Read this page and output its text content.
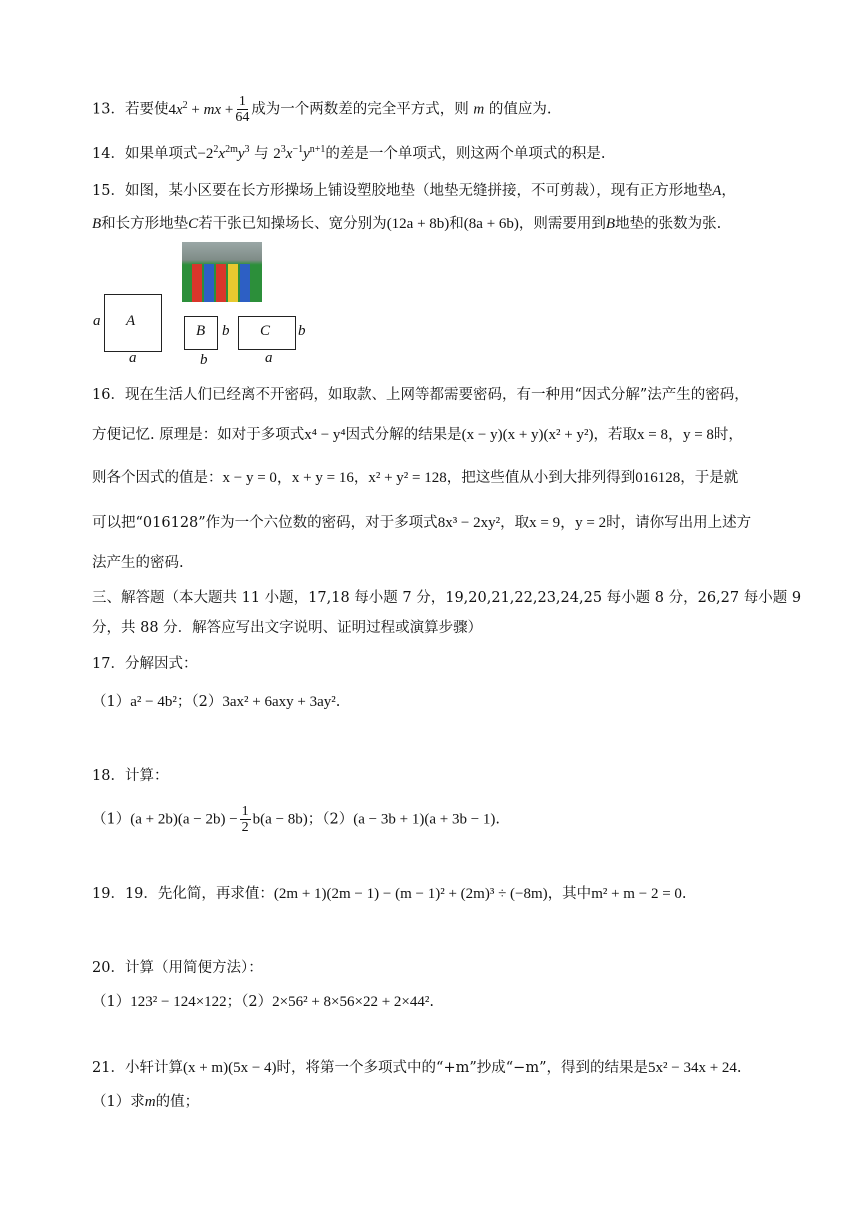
13．若要使$4x^2$ + mx + $\frac{1}{64}$ 成为一个两数差的完全平方式，则 m 的值应为.
14．如果单项式$-2^2x^{2m}y^3$ 与 $2^3x^{-1}y^{n+1}$的差是一个单项式，则这两个单项式的积是.
15．如图，某小区要在长方形操场上铺设塑胶地垫（地垫无缝拼接，不可剪裁），现有正方形地垫A，
B和长方形地垫C若干张已知操场长、宽分别为(12a + 8b)和(8a + 6b)，则需要用到B地垫的张数为张.
A
a
a
B b
b
C b
a
16．现在生活人们已经离不开密码，如取款、上网等都需要密码，有一种用“因式分解”法产生的密码，
方便记忆. 原理是：如对于多项式x⁴ − y⁴因式分解的结果是(x − y)(x + y)(x² + y²)，若取x = 8，y = 8时，
则各个因式的值是：x − y = 0，x + y = 16，x² + y² = 128，把这些值从小到大排列得到016128，于是就
可以把“016128”作为一个六位数的密码，对于多项式8x³ − 2xy²，取x = 9，y = 2时，请你写出用上述方
法产生的密码.
三、解答题（本大题共 11 小题，17,18 每小题 7 分，19,20,21,22,23,24,25 每小题 8 分，26,27 每小题 9
分，共 88 分．解答应写出文字说明、证明过程或演算步骤）
17．分解因式：
（1）a² − 4b²；（2）3ax² + 6axy + 3ay².
18．计算：
$(1)(a + 2b)(a - 2b) - \frac{1}{2} b(a - 8b)$；（2）(a − 3b + 1)(a + 3b − 1).
19．19．先化简，再求值：(2m + 1)(2m − 1) − (m − 1)² + (2m)³ ÷ (−8m)，其中m² + m − 2 = 0.
20．计算（用简便方法）：
（1）123² − 124×122；（2）2×56² + 8×56×22 + 2×44².
21．小轩计算(x + m)(5x − 4)时，将第一个多项式中的“+m”抄成“−m”，得到的结果是5x² − 34x + 24.
（1）求m的值；
